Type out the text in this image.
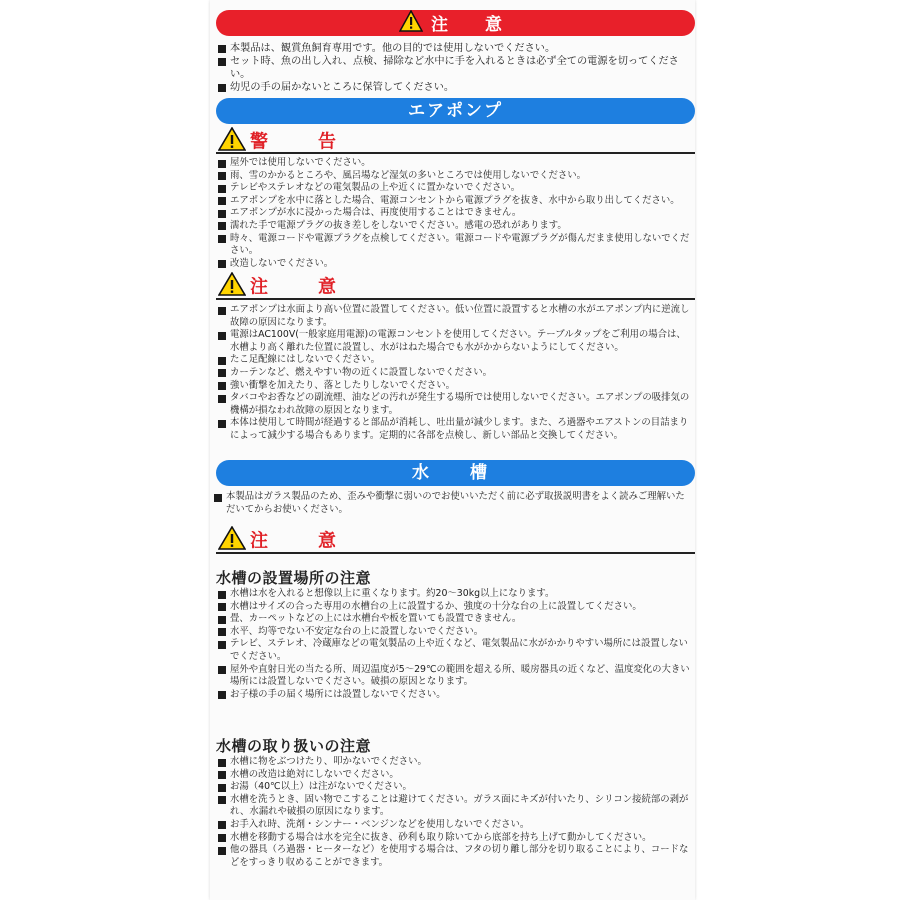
注　意
本製品は、観賞魚飼育専用です。他の目的では使用しないでください。
セット時、魚の出し入れ、点検、掃除など水中に手を入れるときは必ず全ての電源を切ってください。
幼児の手の届かないところに保管してください。
エアポンプ
警　告
屋外では使用しないでください。
雨、雪のかかるところや、風呂場など湿気の多いところでは使用しないでください。
テレビやステレオなどの電気製品の上や近くに置かないでください。
エアポンプを水中に落とした場合、電源コンセントから電源プラグを抜き、水中から取り出してください。
エアポンプが水に浸かった場合は、再度使用することはできません。
濡れた手で電源プラグの抜き差しをしないでください。感電の恐れがあります。
時々、電源コードや電源プラグを点検してください。電源コードや電源プラグが傷んだまま使用しないでください。
改造しないでください。
注　意
エアポンプは水面より高い位置に設置してください。低い位置に設置すると水槽の水がエアポンプ内に逆流し故障の原因になります。
電源はAC100V(一般家庭用電源)の電源コンセントを使用してください。テーブルタップをご利用の場合は、水槽より高く離れた位置に設置し、水がはねた場合でも水がかからないようにしてください。
たこ足配線にはしないでください。
カーテンなど、燃えやすい物の近くに設置しないでください。
強い衝撃を加えたり、落としたりしないでください。
タバコやお香などの副流煙、油などの汚れが発生する場所では使用しないでください。エアポンプの吸排気の機構が損なわれ故障の原因となります。
本体は使用して時間が経過すると部品が消耗し、吐出量が減少します。また、ろ過器やエアストンの目詰まりによって減少する場合もあります。定期的に各部を点検し、新しい部品と交換してください。
水　槽
本製品はガラス製品のため、歪みや衝撃に弱いのでお使いいただく前に必ず取扱説明書をよく読みご理解いただいてからお使いください。
注　意
水槽の設置場所の注意
水槽は水を入れると想像以上に重くなります。約20～30kg以上になります。
水槽はサイズの合った専用の水槽台の上に設置するか、強度の十分な台の上に設置してください。
畳、カーペットなどの上には水槽台や板を置いても設置できません。
水平、均等でない不安定な台の上に設置しないでください。
テレビ、ステレオ、冷蔵庫などの電気製品の上や近くなど、電気製品に水がかかりやすい場所には設置しないでください。
屋外や直射日光の当たる所、周辺温度が5～29℃の範囲を超える所、暖房器具の近くなど、温度変化の大きい場所には設置しないでください。破損の原因となります。
お子様の手の届く場所には設置しないでください。
水槽の取り扱いの注意
水槽に物をぶつけたり、叩かないでください。
水槽の改造は絶対にしないでください。
お湯（40℃以上）は注がないでください。
水槽を洗うとき、固い物でこすることは避けてください。ガラス面にキズが付いたり、シリコン接続部の剥がれ、水漏れや破損の原因になります。
お手入れ時、洗剤・シンナー・ベンジンなどを使用しないでください。
水槽を移動する場合は水を完全に抜き、砂利も取り除いてから底部を持ち上げて動かしてください。
他の器具（ろ過器・ヒーターなど）を使用する場合は、フタの切り離し部分を切り取ることにより、コードなどをすっきり収めることができます。
